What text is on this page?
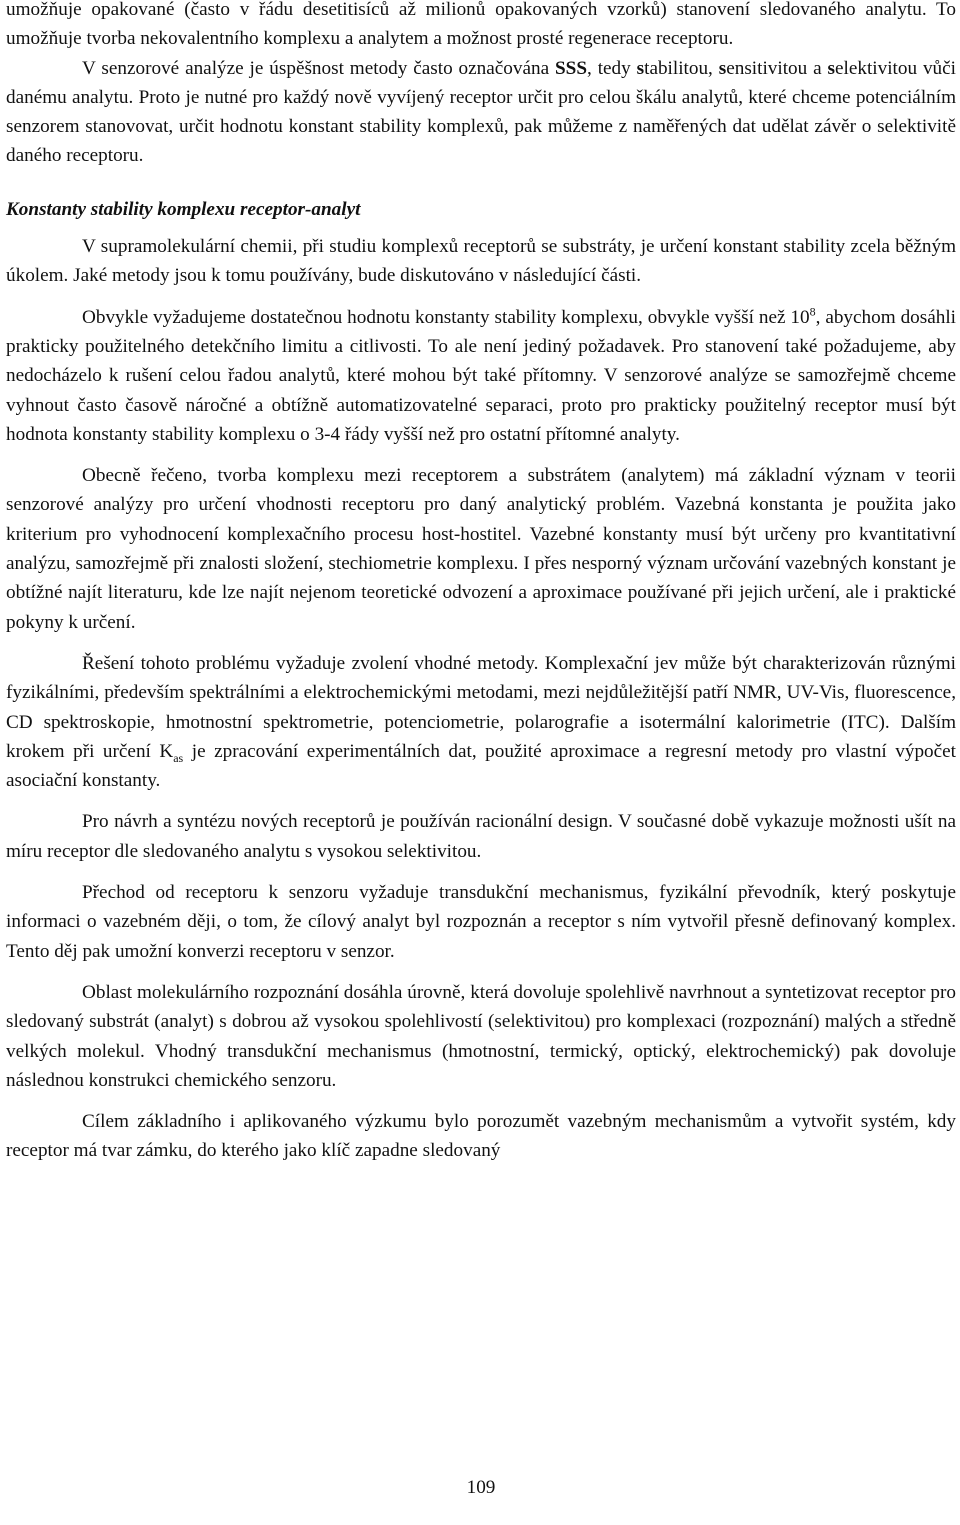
umožňuje opakované (často v řádu desetitisíců až milionů opakovaných vzorků) stanovení sledovaného analytu. To umožňuje tvorba nekovalentního komplexu a analytem a možnost prosté regenerace receptoru.

V senzorové analýze je úspěšnost metody často označována SSS, tedy stabilitou, sensitivitou a selektivitou vůči danému analytu. Proto je nutné pro každý nově vyvíjený receptor určit pro celou škálu analytů, které chceme potenciálním senzorem stanovovat, určit hodnotu konstant stability komplexů, pak můžeme z naměřených dat udělat závěr o selektivitě daného receptoru.

Konstanty stability komplexu receptor-analyt

V supramolekulární chemii, při studiu komplexů receptorů se substráty, je určení konstant stability zcela běžným úkolem. Jaké metody jsou k tomu používány, bude diskutováno v následující části.

Obvykle vyžadujeme dostatečnou hodnotu konstanty stability komplexu, obvykle vyšší než $10^8$, abychom dosáhli prakticky použitelného detekčního limitu a citlivosti. To ale není jediný požadavek. Pro stanovení také požadujeme, aby nedocházelo k rušení celou řadou analytů, které mohou být také přítomny. V senzorové analýze se samozřejmě chceme vyhnout často časově náročné a obtížně automatizovatelné separaci, proto pro prakticky použitelný receptor musí být hodnota konstanty stability komplexu o 3-4 řády vyšší než pro ostatní přítomné analyty.

Obecně řečeno, tvorba komplexu mezi receptorem a substrátem (analytem) má základní význam v teorii senzorové analýzy pro určení vhodnosti receptoru pro daný analytický problém. Vazebná konstanta je použita jako kriterium pro vyhodnocení komplexačního procesu host-hostitel. Vazebné konstanty musí být určeny pro kvantitativní analýzu, samozřejmě při znalosti složení, stechiometrie komplexu. I přes nesporný význam určování vazebných konstant je obtížné najít literaturu, kde lze najít nejenom teoretické odvození a aproximace používané při jejich určení, ale i praktické pokyny k určení.

Řešení tohoto problému vyžaduje zvolení vhodné metody. Komplexační jev může být charakterizován různými fyzikálními, především spektrálními a elektrochemickými metodami, mezi nejdůležitější patří NMR, UV-Vis, fluorescence, CD spektroskopie, hmotnostní spektrometrie, potenciometrie, polarografie a isotermální kalorimetrie (ITC). Dalším krokem při určení $K_{as}$ je zpracování experimentálních dat, použité aproximace a regresní metody pro vlastní výpočet asociační konstanty.

Pro návrh a syntézu nových receptorů je používán racionální design. V současné době vykazuje možnosti ušít na míru receptor dle sledovaného analytu s vysokou selektivitou.

Přechod od receptoru k senzoru vyžaduje transdukční mechanismus, fyzikální převodník, který poskytuje informaci o vazebném ději, o tom, že cílový analyt byl rozpoznán a receptor s ním vytvořil přesně definovaný komplex. Tento děj pak umožní konverzi receptoru v senzor.

Oblast molekulárního rozpoznání dosáhla úrovně, která dovoluje spolehlivě navrhnout a syntetizovat receptor pro sledovaný substrát (analyt) s dobrou až vysokou spolehlivostí (selektivitou) pro komplexaci (rozpoznání) malých a středně velkých molekul. Vhodný transdukční mechanismus (hmotnostní, termický, optický, elektrochemický) pak dovoluje následnou konstrukci chemického senzoru.

Cílem základního i aplikovaného výzkumu bylo porozumět vazebným mechanismům a vytvořit systém, kdy receptor má tvar zámku, do kterého jako klíč zapadne sledovaný

109
